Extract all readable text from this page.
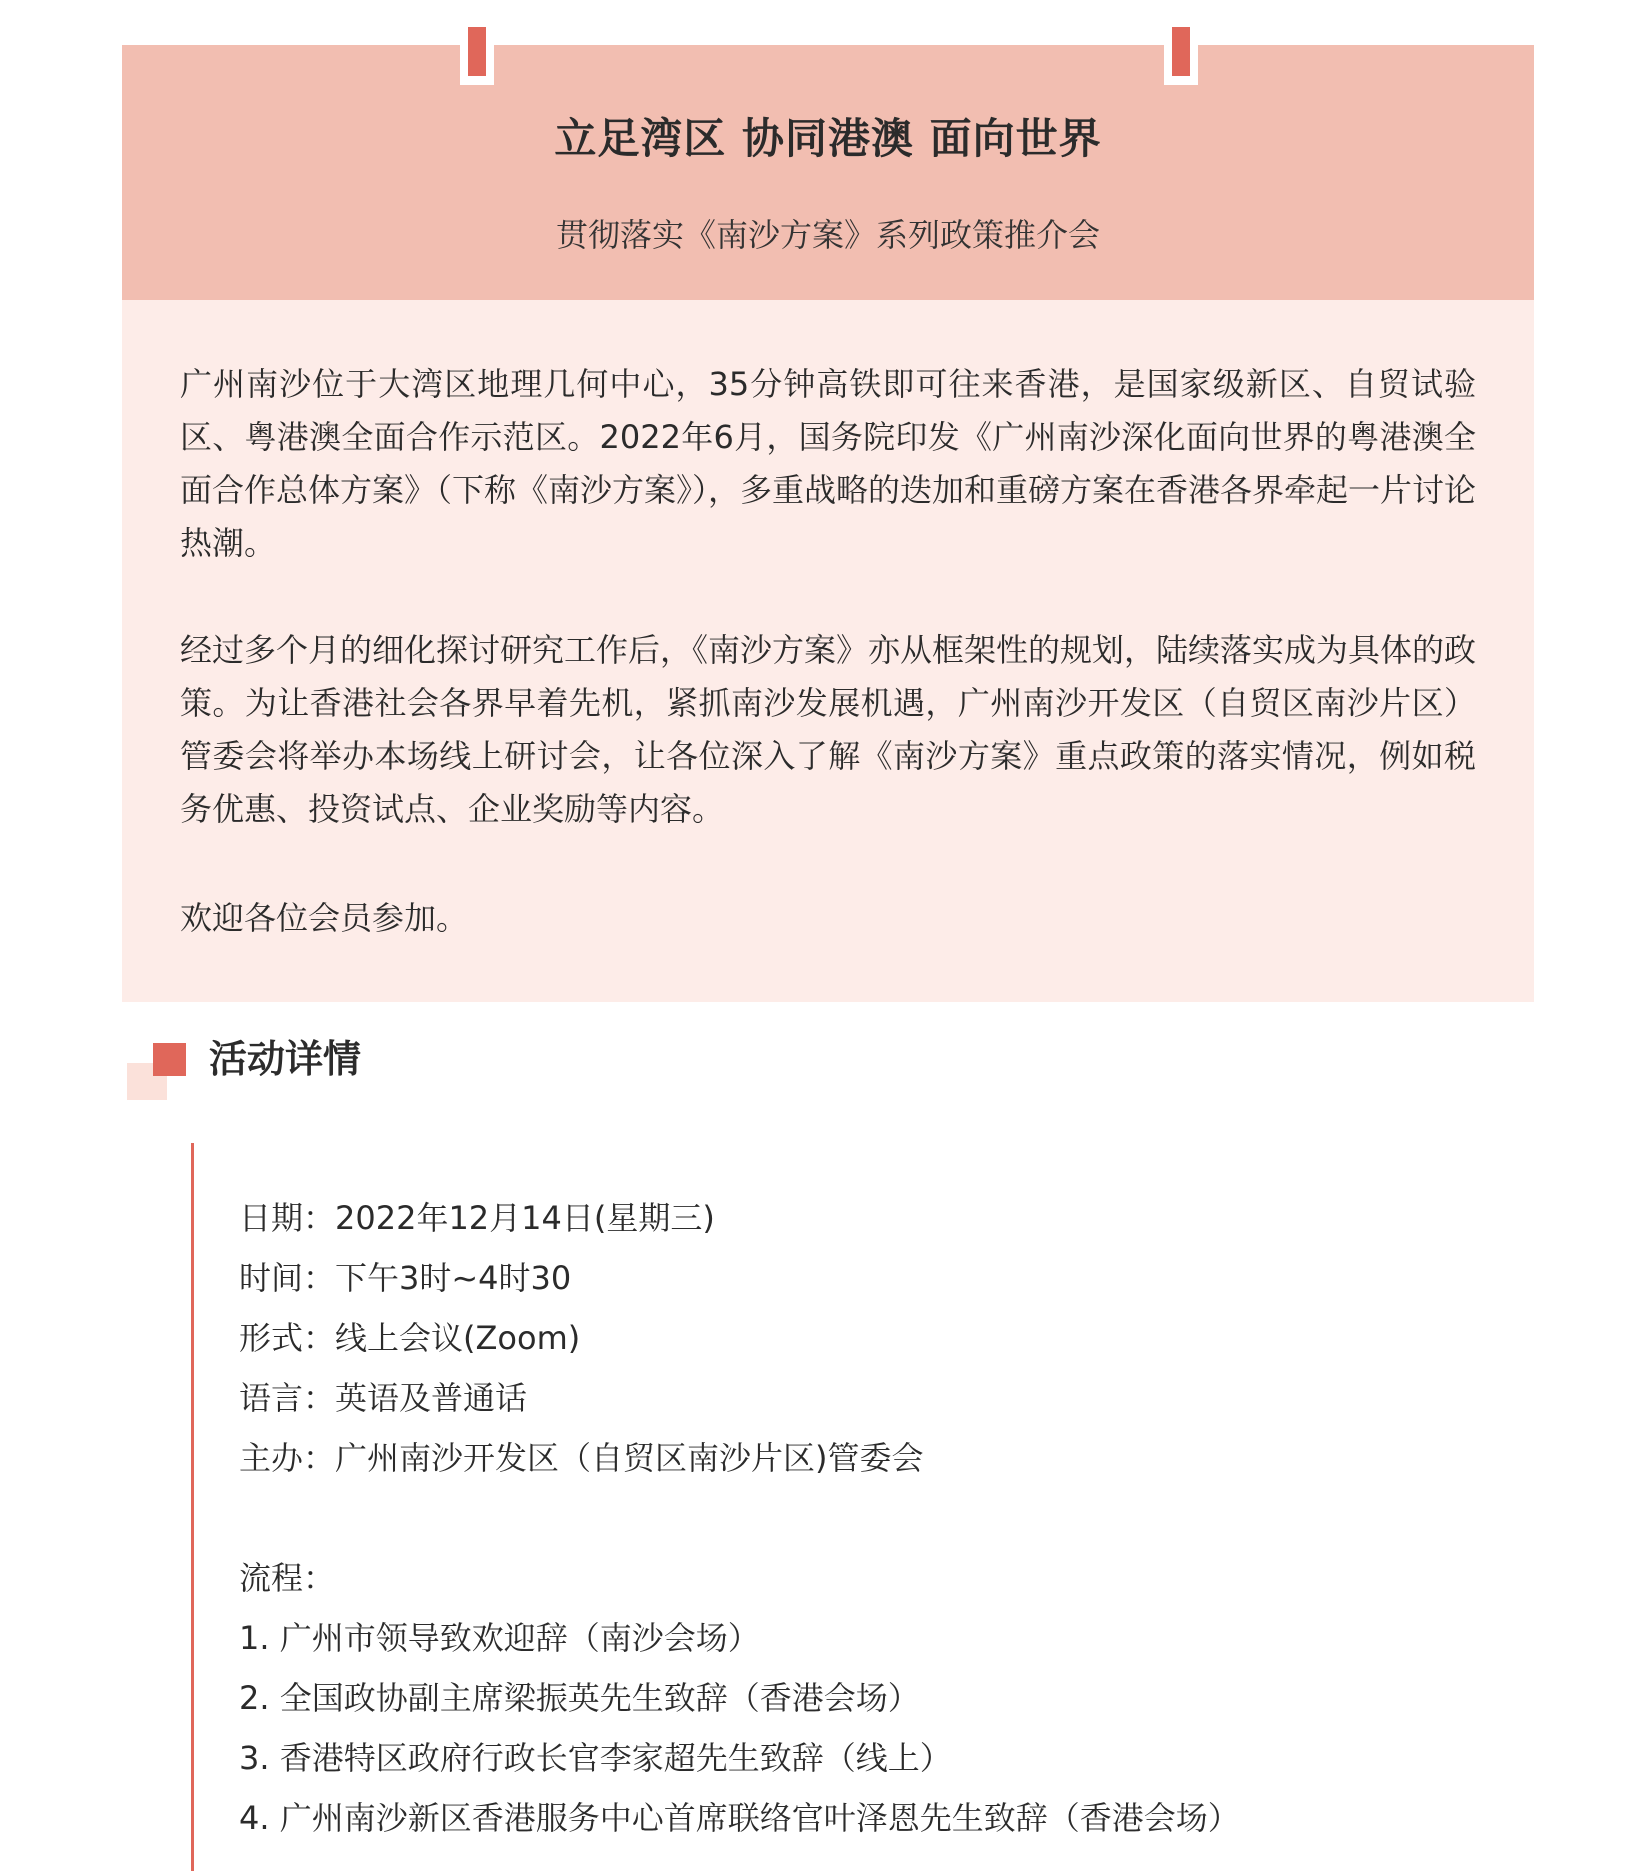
立足湾区 协同港澳 面向世界
贯彻落实《南沙方案》系列政策推介会

广州南沙位于大湾区地理几何中心，35分钟高铁即可往来香港，是国家级新区、自贸试验区、粤港澳全面合作示范区。2022年6月，国务院印发《广州南沙深化面向世界的粤港澳全面合作总体方案》（下称《南沙方案》），多重战略的迭加和重磅方案在香港各界牵起一片讨论热潮。

经过多个月的细化探讨研究工作后，《南沙方案》亦从框架性的规划，陆续落实成为具体的政策。为让香港社会各界早着先机，紧抓南沙发展机遇，广州南沙开发区（自贸区南沙片区）管委会将举办本场线上研讨会，让各位深入了解《南沙方案》重点政策的落实情况，例如税务优惠、投资试点、企业奖励等内容。

欢迎各位会员参加。

活动详情
日期：2022年12月14日(星期三)
时间：下午3时~4时30
形式：线上会议(Zoom)
语言：英语及普通话
主办：广州南沙开发区（自贸区南沙片区)管委会
流程：
1. 广州市领导致欢迎辞（南沙会场）
2. 全国政协副主席梁振英先生致辞（香港会场）
3. 香港特区政府行政长官李家超先生致辞（线上）
4. 广州南沙新区香港服务中心首席联络官叶泽恩先生致辞（香港会场）
